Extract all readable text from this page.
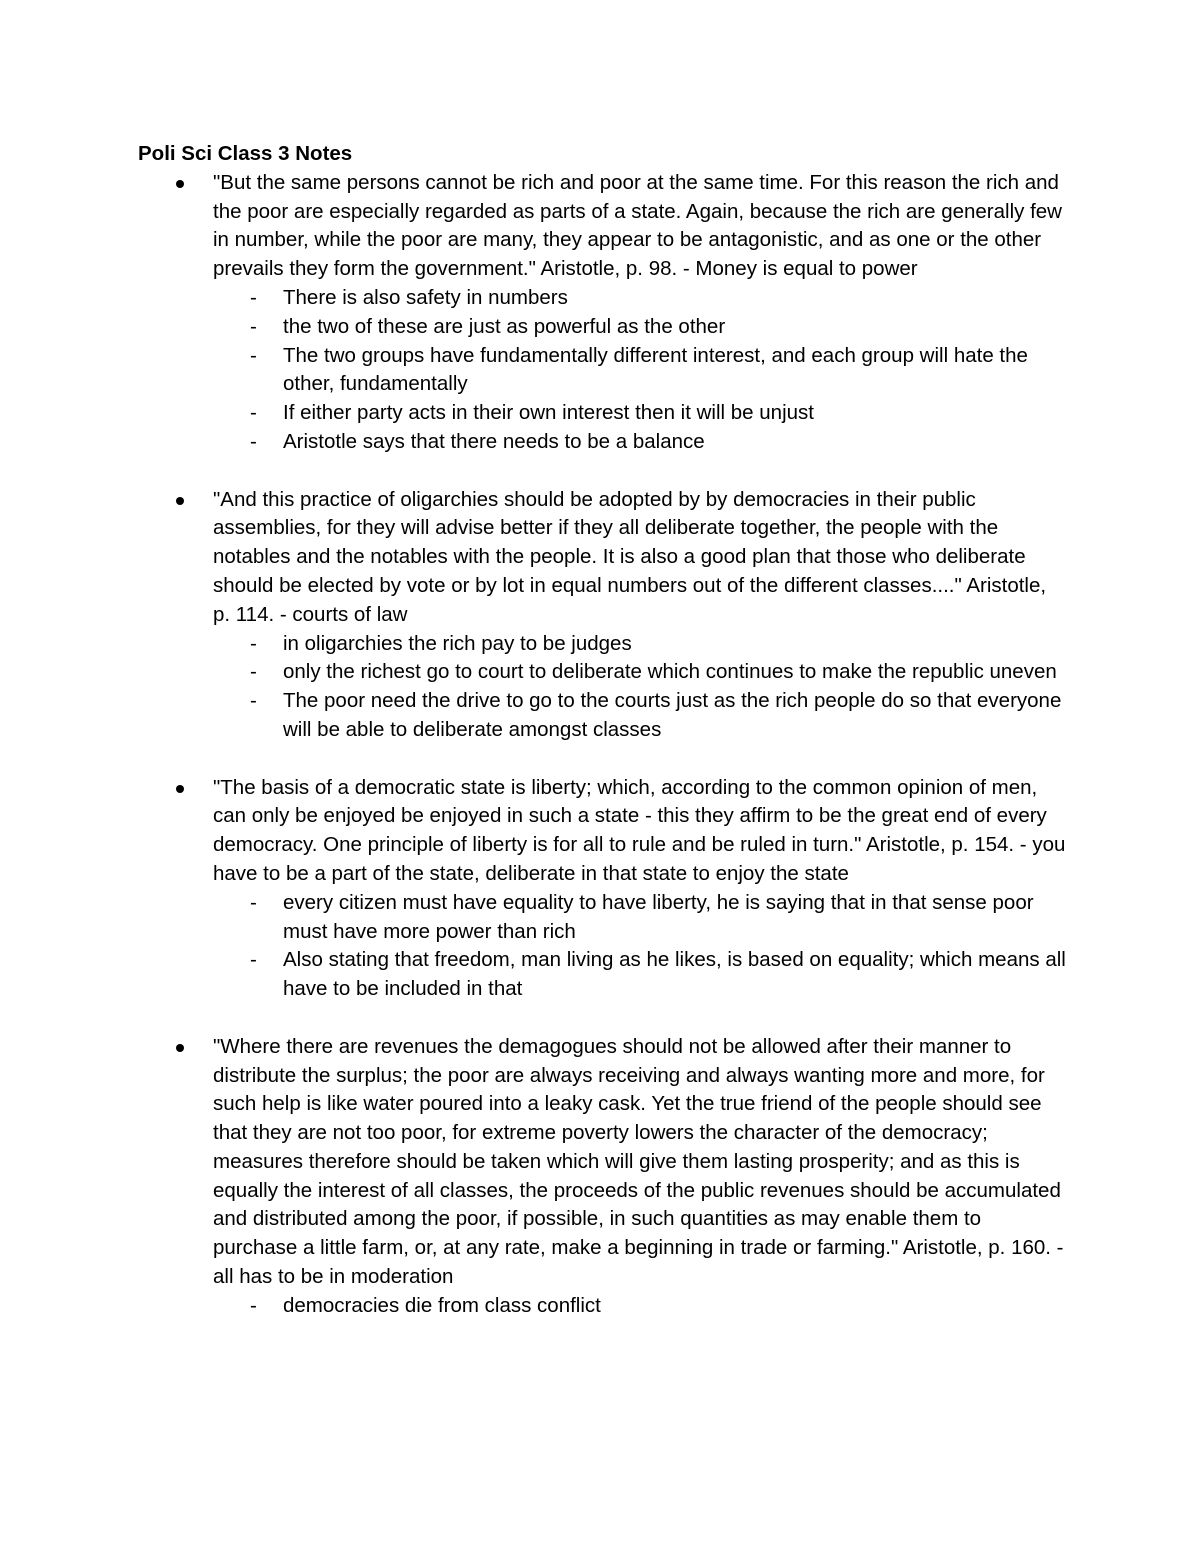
Poli Sci Class 3 Notes
"But the same persons cannot be rich and poor at the same time. For this reason the rich and the poor are especially regarded as parts of a state. Again, because the rich are generally few in number, while the poor are many, they appear to be antagonistic, and as one or the other prevails they form the government." Aristotle, p. 98. - Money is equal to power
- There is also safety in numbers
- the two of these are just as powerful as the other
- The two groups have fundamentally different interest, and each group will hate the other, fundamentally
- If either party acts in their own interest then it will be unjust
- Aristotle says that there needs to be a balance
"And this practice of oligarchies should be adopted by by democracies in their public assemblies, for they will advise better if they all deliberate together, the people with the notables and the notables with the people. It is also a good plan that those who deliberate should be elected by vote or by lot in equal numbers out of the different classes...." Aristotle, p. 114. - courts of law
- in oligarchies the rich pay to be judges
- only the richest go to court to deliberate which continues to make the republic uneven
- The poor need the drive to go to the courts just as the rich people do so that everyone will be able to deliberate amongst classes
"The basis of a democratic state is liberty; which, according to the common opinion of men, can only be enjoyed be enjoyed in such a state - this they affirm to be the great end of every democracy. One principle of liberty is for all to rule and be ruled in turn." Aristotle, p. 154. - you have to be a part of the state, deliberate in that state to enjoy the state
- every citizen must have equality to have liberty, he is saying that in that sense poor must have more power than rich
- Also stating that freedom, man living as he likes, is based on equality; which means all have to be included in that
"Where there are revenues the demagogues should not be allowed after their manner to distribute the surplus; the poor are always receiving and always wanting more and more, for such help is like water poured into a leaky cask. Yet the true friend of the people should see that they are not too poor, for extreme poverty lowers the character of the democracy; measures therefore should be taken which will give them lasting prosperity; and as this is equally the interest of all classes, the proceeds of the public revenues should be accumulated and distributed among the poor, if possible, in such quantities as may enable them to purchase a little farm, or, at any rate, make a beginning in trade or farming." Aristotle, p. 160. - all has to be in moderation
- democracies die from class conflict
